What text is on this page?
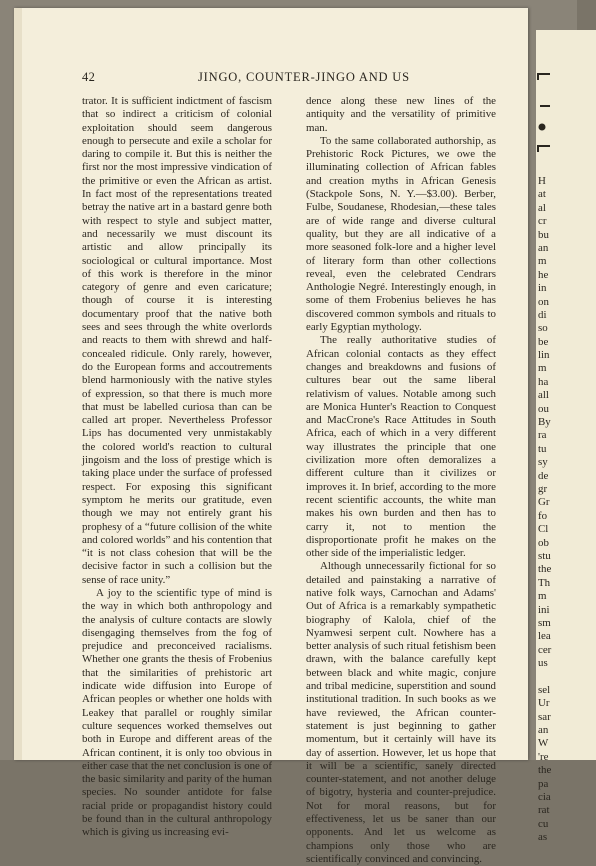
42	JINGO, COUNTER-JINGO AND US

trator. It is sufficient indictment of fascism that so indirect a criticism of colonial exploitation should seem dangerous enough to persecute and exile a scholar for daring to compile it. But this is neither the first nor the most impressive vindication of the primitive or even the African as artist. In fact most of the representations treated betray the native art in a bastard genre both with respect to style and subject matter, and necessarily we must discount its artistic and allow principally its sociological or cultural importance. Most of this work is therefore in the minor category of genre and even caricature; though of course it is interesting documentary proof that the native both sees and sees through the white overlords and reacts to them with shrewd and half-concealed ridicule. Only rarely, however, do the European forms and accoutrements blend harmoniously with the native styles of expression, so that there is much more that must be labelled curiosa than can be called art proper. Nevertheless Professor Lips has documented very unmistakably the colored world's reaction to cultural jingoism and the loss of prestige which is taking place under the surface of professed respect. For exposing this significant symptom he merits our gratitude, even though we may not entirely grant his prophesy of a “future collision of the white and colored worlds” and his contention that “it is not class cohesion that will be the decisive factor in such a collision but the sense of race unity.”

A joy to the scientific type of mind is the way in which both anthropology and the analysis of culture contacts are slowly disengaging themselves from the fog of prejudice and preconceived racialisms. Whether one grants the thesis of Frobenius that the similarities of prehistoric art indicate wide diffusion into Europe of African peoples or whether one holds with Leakey that parallel or roughly similar culture sequences worked themselves out both in Europe and different areas of the African continent, it is only too obvious in either case that the net conclusion is one of the basic similarity and parity of the human species. No sounder antidote for false racial pride or propagandist history could be found than in the cultural anthropology which is giving us increasing evi-

dence along these new lines of the antiquity and the versatility of primitive man.

To the same collaborated authorship, as Prehistoric Rock Pictures, we owe the illuminating collection of African fables and creation myths in African Genesis (Stackpole Sons, N. Y.—$3.00). Berber, Fulbe, Soudanese, Rhodesian,—these tales are of wide range and diverse cultural quality, but they are all indicative of a more seasoned folk-lore and a higher level of literary form than other collections reveal, even the celebrated Cendrars Anthologie Negré. Interestingly enough, in some of them Frobenius believes he has discovered common symbols and rituals to early Egyptian mythology.

The really authoritative studies of African colonial contacts as they effect changes and breakdowns and fusions of cultures bear out the same liberal relativism of values. Notable among such are Monica Hunter's Reaction to Conquest and MacCrone's Race Attitudes in South Africa, each of which in a very different way illustrates the principle that one civilization more often demoralizes a different culture than it civilizes or improves it. In brief, according to the more recent scientific accounts, the white man makes his own burden and then has to carry it, not to mention the disproportionate profit he makes on the other side of the imperialistic ledger.

Although unnecessarily fictional for so detailed and painstaking a narrative of native folk ways, Carnochan and Adams' Out of Africa is a remarkably sympathetic biography of Kalola, chief of the Nyamwesi serpent cult. Nowhere has a better analysis of such ritual fetishism been drawn, with the balance carefully kept between black and white magic, conjure and tribal medicine, superstition and sound institutional tradition. In such books as we have reviewed, the African counter-statement is just beginning to gather momentum, but it certainly will have its day of assertion. However, let us hope that it will be a scientific, sanely directed counter-statement, and not another deluge of bigotry, hysteria and counter-prejudice. Not for moral reasons, but for effectiveness, let us be saner than our opponents. And let us welcome as champions only those who are scientifically convinced and convincing.

H
at
al
cr
bu
an
m
he
in
on
di
so
be
lin
m
ha
all
ou
By
ra
tu
sy
de
gr
Gr
fo
Cl
ob
stu
the
Th
m
ini
sm
lea
cer
us
sel
Ur
sar
an
W
're
the
pa
cia
rat
cu
as
